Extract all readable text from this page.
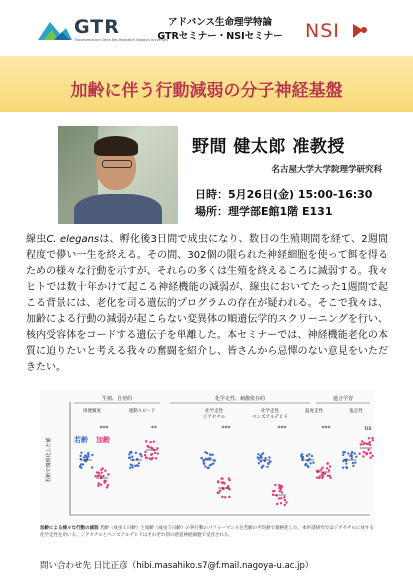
GTR
Transformative Gene-Res Research Nagoya University
アドバンス生命理学特論
GTRセミナー・NSIセミナー	NSI
加齢に伴う行動減弱の分子神経基盤
野間 健太郎 准教授
名古屋大学大学院理学研究科
日時：5月26日(金) 15:00-16:30
場所：理学部E館1階 E131

線虫C. elegansは、孵化後3日間で成虫になり、数日の生殖期間を経て、2週間程度で儚い一生を終える。その間、302個の限られた神経細胞を使って餌を得るための様々な行動を示すが、それらの多くは生殖を終えるころに減弱する。我々ヒトでは数十年かけて起こる神経機能の減弱が、線虫においてたった1週間で起こる背景には、老化を司る遺伝的プログラムの存在が疑われる。そこで我々は、加齢による行動の減弱が起こらない変異体の順遺伝学的スクリーニングを行い、核内受容体をコードする遺伝子を単離した。本セミナーでは、神経機能老化の本質に迫りたいと考える我々の奮闘を紹介し、皆さんから忌憚のない意見をいただきたい。

若齢で規格化した値	若齢 加齢
生殖、自発的	化学走性、刺激依存的	連合学習
排便頻度
***
運動スピード
**
化学走性
ジアセチル
***
化学走性
ベンズアルデヒド
***
温度走性
***
塩走性
ns
加齢による様々な行動の減弱 若齢（成虫１日齢）と加齢（成虫５日齢）の各行動のパフォーマンスを若齢の平均値で規格化した。本申請研究ではジアセチルに対する化学走性を用いる。ジアセチルとベンズアルデヒドはそれぞれ別の感覚神経細胞で受容される。
問い合わせ先 日比正彦（hibi.masahiko.s7@f.mail.nagoya-u.ac.jp）
